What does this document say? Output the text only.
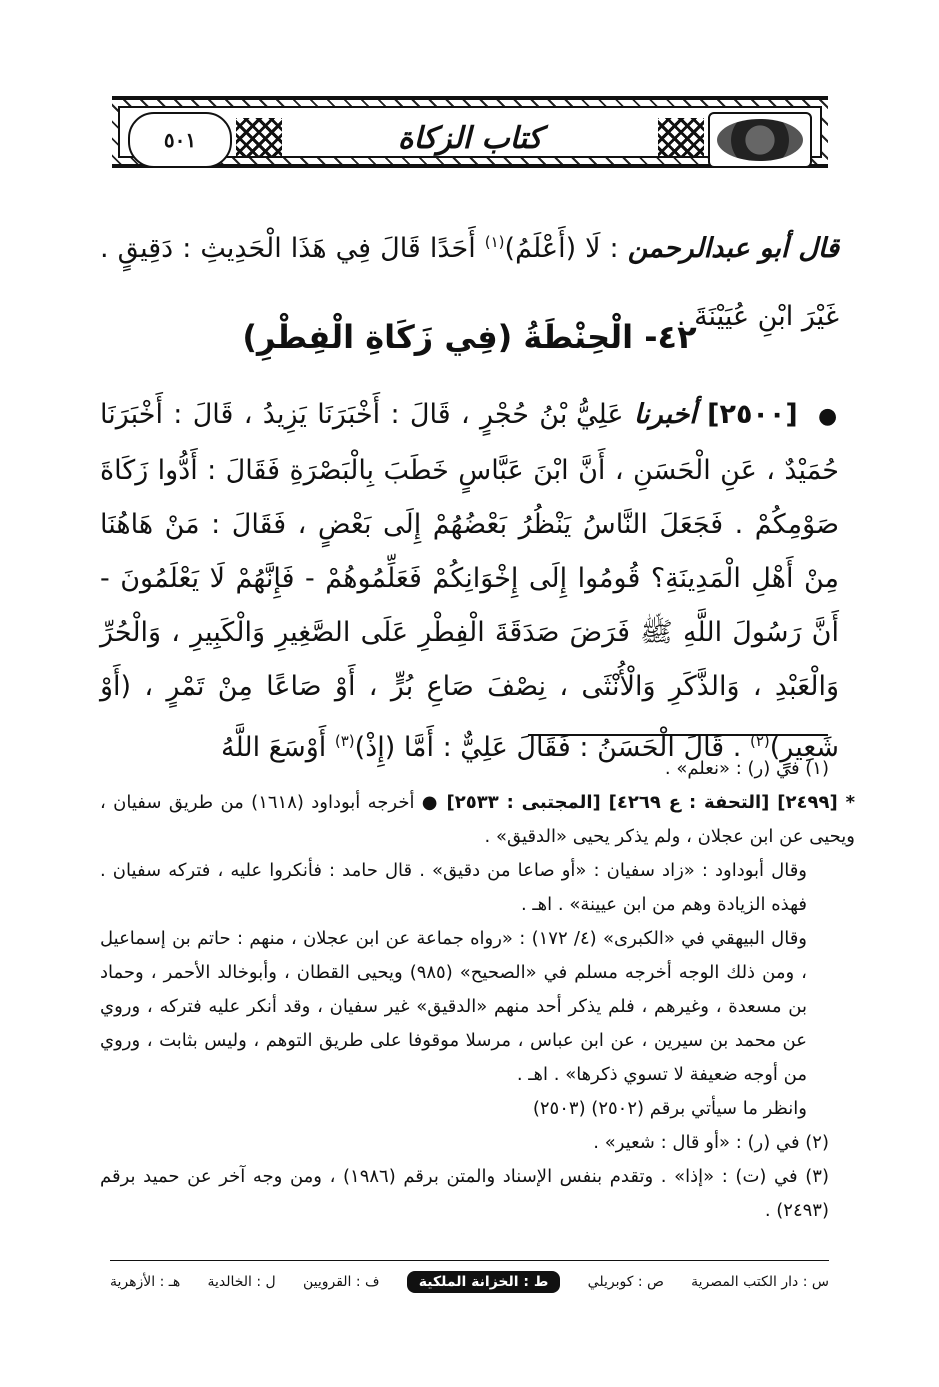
كتاب الزكاة
٥٠١
قال أبو عبدالرحمن : لَا (أَعْلَمُ)$^{(١)}$ أَحَدًا قَالَ فِي هَذَا الْحَدِيثِ : دَقِيقٍ . غَيْرَ ابْنِ عُيَيْنَةَ .
٤٢- الْحِنْطَةُ (فِي زَكَاةِ الْفِطْرِ)
● [٢٥٠٠] أخبرنا عَلِيُّ بْنُ حُجْرٍ ، قَالَ : أَخْبَرَنَا يَزِيدُ ، قَالَ : أَخْبَرَنَا حُمَيْدٌ ، عَنِ الْحَسَنِ ، أَنَّ ابْنَ عَبَّاسٍ خَطَبَ بِالْبَصْرَةِ فَقَالَ : أَدُّوا زَكَاةَ صَوْمِكُمْ . فَجَعَلَ النَّاسُ يَنْظُرُ بَعْضُهُمْ إِلَى بَعْضٍ ، فَقَالَ : مَنْ هَاهُنَا مِنْ أَهْلِ الْمَدِينَةِ؟ قُومُوا إِلَى إِخْوَانِكُمْ فَعَلِّمُوهُمْ - فَإِنَّهُمْ لَا يَعْلَمُونَ - أَنَّ رَسُولَ اللَّهِ ﷺ فَرَضَ صَدَقَةَ الْفِطْرِ عَلَى الصَّغِيرِ وَالْكَبِيرِ ، وَالْحُرِّ وَالْعَبْدِ ، وَالذَّكَرِ وَالْأُنْثَى ، نِصْفَ صَاعِ بُرٍّ ، أَوْ صَاعًا مِنْ تَمْرٍ ، (أَوْ شَعِيرٍ)$^{(٢)}$ . قَالَ الْحَسَنُ : فَقَالَ عَلِيٌّ : أَمَّا (إِذْ)$^{(٣)}$ أَوْسَعَ اللَّهُ

(١) في (ر) : «نعلم» .

* [٢٤٩٩] [التحفة : ع ٤٢٦٩] [المجتبى : ٢٥٣٣] ● أخرجه أبوداود (١٦١٨) من طريق سفيان ، ويحيى عن ابن عجلان ، ولم يذكر يحيى «الدقيق» .

وقال أبوداود : «زاد سفيان : «أو صاعا من دقيق» . قال حامد : فأنكروا عليه ، فتركه سفيان . فهذه الزيادة وهم من ابن عيينة» . اهـ .

وقال البيهقي في «الكبرى» (٤/ ١٧٢) : «رواه جماعة عن ابن عجلان ، منهم : حاتم بن إسماعيل ، ومن ذلك الوجه أخرجه مسلم في «الصحيح» (٩٨٥) ويحيى القطان ، وأبوخالد الأحمر ، وحماد بن مسعدة ، وغيرهم ، فلم يذكر أحد منهم «الدقيق» غير سفيان ، وقد أنكر عليه فتركه ، وروي عن محمد بن سيرين ، عن ابن عباس ، مرسلا موقوفا على طريق التوهم ، وليس بثابت ، وروي من أوجه ضعيفة لا تسوي ذكرها» . اهـ .

وانظر ما سيأتي برقم (٢٥٠٢) (٢٥٠٣)

(٢) في (ر) : «أو قال : شعير» .

(٣) في (ت) : «إذا» . وتقدم بنفس الإسناد والمتن برقم (١٩٨٦) ، ومن وجه آخر عن حميد برقم (٢٤٩٣) .

س : دار الكتب المصرية
ص : كوبريلي
ط : الخزانة الملكية
ف : القرويين
ل : الخالدية
هـ : الأزهرية
